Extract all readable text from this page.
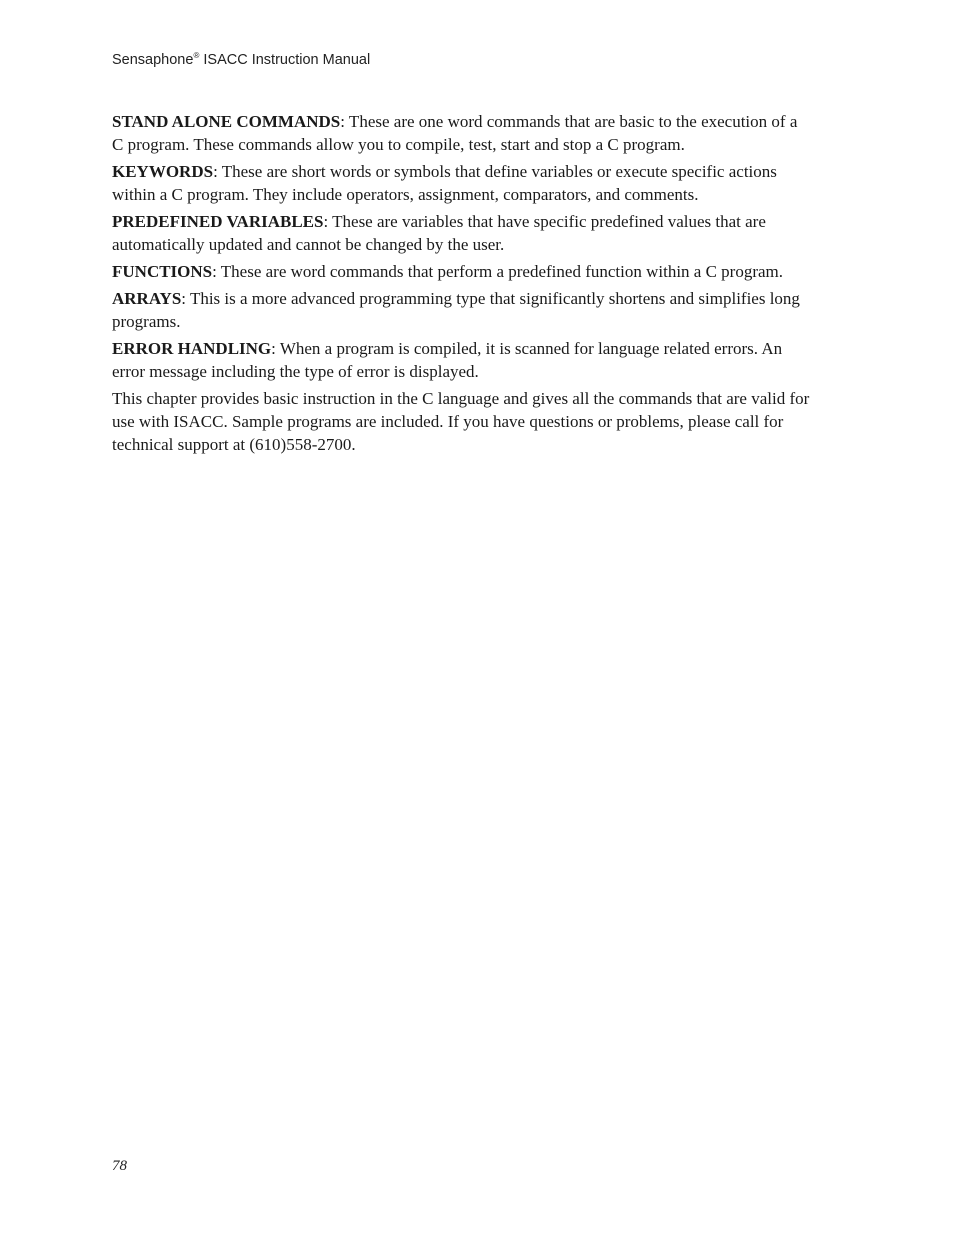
Sensaphone® ISACC Instruction Manual

STAND ALONE COMMANDS: These are one word commands that are basic to the execution of a C program. These commands allow you to compile, test, start and stop a C program.

KEYWORDS: These are short words or symbols that define variables or execute specific actions within a C program. They include operators, assignment, comparators, and comments.

PREDEFINED VARIABLES: These are variables that have specific predefined values that are automatically updated and cannot be changed by the user.

FUNCTIONS: These are word commands that perform a predefined function within a C program.

ARRAYS: This is a more advanced programming type that significantly shortens and simplifies long programs.

ERROR HANDLING: When a program is compiled, it is scanned for language related errors. An error message including the type of error is displayed.

This chapter provides basic instruction in the C language and gives all the commands that are valid for use with ISACC. Sample programs are included. If you have questions or problems, please call for technical support at (610)558-2700.

78
